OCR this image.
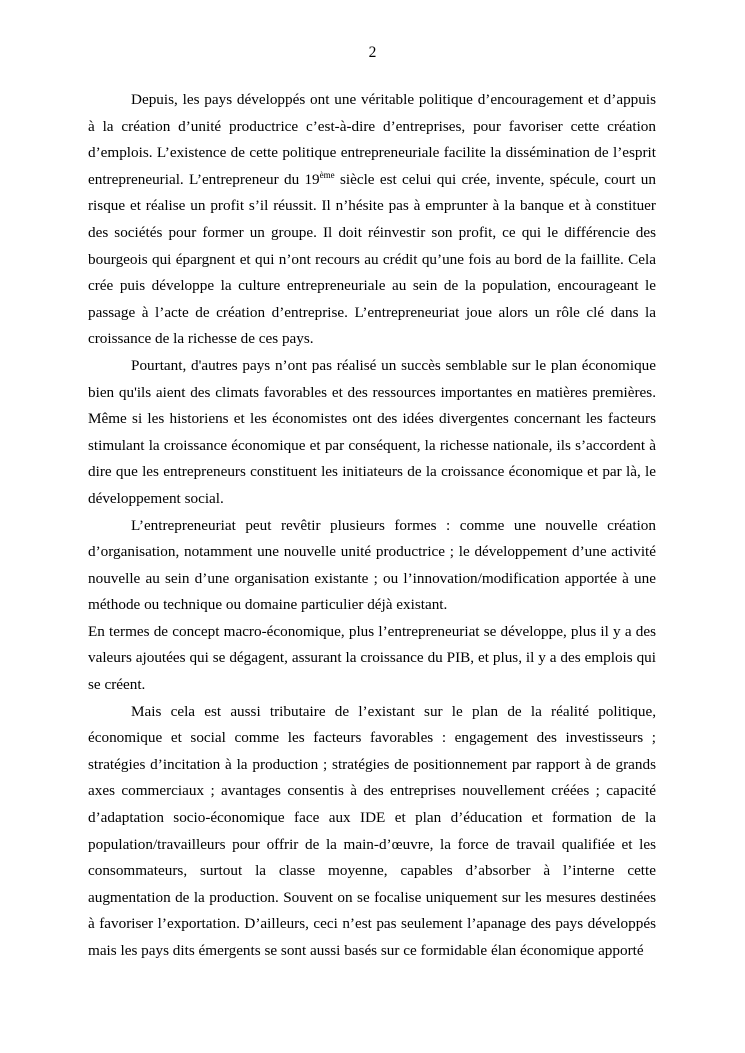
2

Depuis, les pays développés ont une véritable politique d’encouragement et d’appuis à la création d’unité productrice c’est-à-dire d’entreprises, pour favoriser cette création d’emplois. L’existence de cette politique entrepreneuriale facilite la dissémination de l’esprit entrepreneurial. L’entrepreneur du 19ème siècle est celui qui crée, invente, spécule, court un risque et réalise un profit s’il réussit. Il n’hésite pas à emprunter à la banque et à constituer des sociétés pour former un groupe. Il doit réinvestir son profit, ce qui le différencie des bourgeois qui épargnent et qui n’ont recours au crédit qu’une fois au bord de la faillite. Cela crée puis développe la culture entrepreneuriale au sein de la population, encourageant le passage à l’acte de création d’entreprise. L’entrepreneuriat joue alors un rôle clé dans la croissance de la richesse de ces pays.

Pourtant, d'autres pays n’ont pas réalisé un succès semblable sur le plan économique bien qu'ils aient des climats favorables et des ressources importantes en matières premières. Même si les historiens et les économistes ont des idées divergentes concernant les facteurs stimulant la croissance économique et par conséquent, la richesse nationale, ils s’accordent à dire que les entrepreneurs constituent les initiateurs de la croissance économique et par là, le développement social.

L’entrepreneuriat peut revêtir plusieurs formes : comme une nouvelle création d’organisation, notamment une nouvelle unité productrice ; le développement d’une activité nouvelle au sein d’une organisation existante ; ou l’innovation/modification apportée à une méthode ou technique ou domaine particulier déjà existant.

En termes de concept macro-économique, plus l’entrepreneuriat se développe, plus il y a des valeurs ajoutées qui se dégagent, assurant la croissance du PIB, et plus, il y a des emplois qui se créent.

Mais cela est aussi tributaire de l’existant sur le plan de la réalité politique, économique et social comme les facteurs favorables : engagement des investisseurs ; stratégies d’incitation à la production ; stratégies de positionnement par rapport à de grands axes commerciaux ; avantages consentis à des entreprises nouvellement créées ; capacité d’adaptation socio-économique face aux IDE et plan d’éducation et formation de la population/travailleurs pour offrir de la main-d’œuvre, la force de travail qualifiée et les consommateurs, surtout la classe moyenne, capables d’absorber à l’interne cette augmentation de la production. Souvent on se focalise uniquement sur les mesures destinées à favoriser l’exportation. D’ailleurs, ceci n’est pas seulement l’apanage des pays développés mais les pays dits émergents se sont aussi basés sur ce formidable élan économique apporté
